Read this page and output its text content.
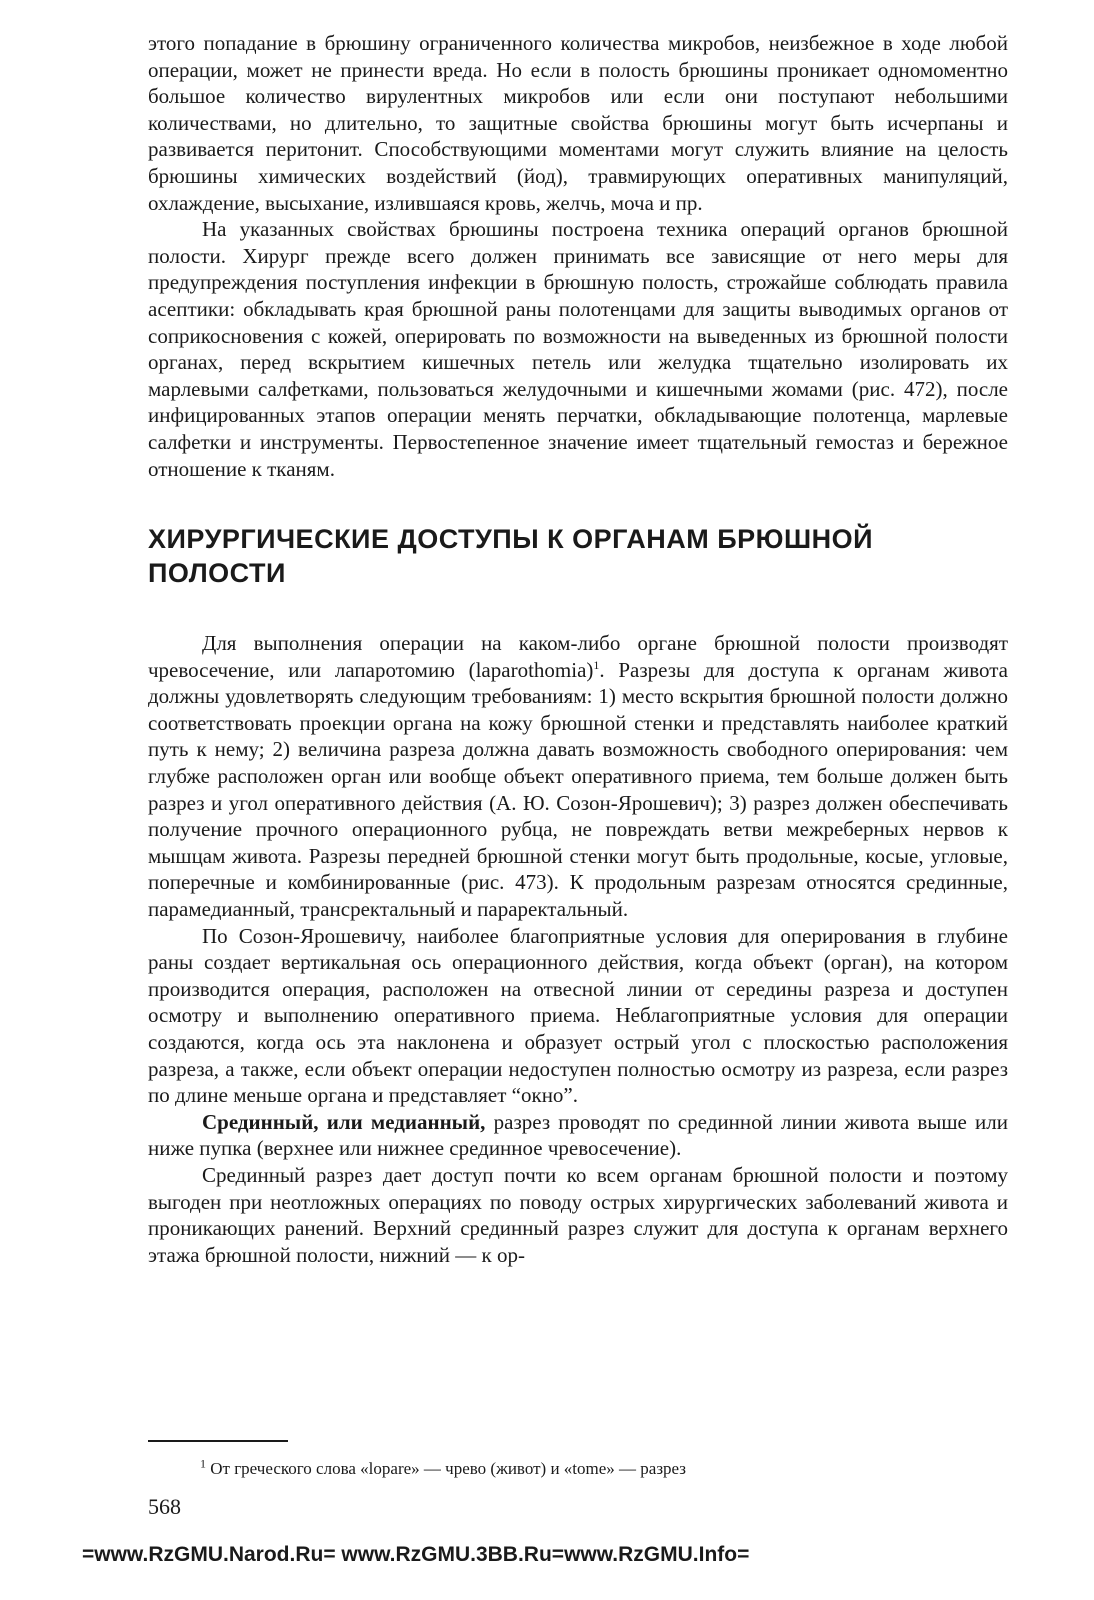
этого попадание в брюшину ограниченного количества микробов, неизбежное в ходе любой операции, может не принести вреда. Но если в полость брюшины проникает одномоментно большое количество вирулентных микробов или если они поступают небольшими количествами, но длительно, то защитные свойства брюшины могут быть исчерпаны и развивается перитонит. Способствующими моментами могут служить влияние на целость брюшины химических воздействий (йод), травмирующих оперативных манипуляций, охлаждение, высыхание, излившаяся кровь, желчь, моча и пр.

На указанных свойствах брюшины построена техника операций органов брюшной полости. Хирург прежде всего должен принимать все зависящие от него меры для предупреждения поступления инфекции в брюшную полость, строжайше соблюдать правила асептики: обкладывать края брюшной раны полотенцами для защиты выводимых органов от соприкосновения с кожей, оперировать по возможности на выведенных из брюшной полости органах, перед вскрытием кишечных петель или желудка тщательно изолировать их марлевыми салфетками, пользоваться желудочными и кишечными жомами (рис. 472), после инфицированных этапов операции менять перчатки, обкладывающие полотенца, марлевые салфетки и инструменты. Первостепенное значение имеет тщательный гемостаз и бережное отношение к тканям.

ХИРУРГИЧЕСКИЕ ДОСТУПЫ К ОРГАНАМ БРЮШНОЙ ПОЛОСТИ

Для выполнения операции на каком-либо органе брюшной полости производят чревосечение, или лапаротомию (laparothomia)$^1$. Разрезы для доступа к органам живота должны удовлетворять следующим требованиям: 1) место вскрытия брюшной полости должно соответствовать проекции органа на кожу брюшной стенки и представлять наиболее краткий путь к нему; 2) величина разреза должна давать возможность свободного оперирования: чем глубже расположен орган или вообще объект оперативного приема, тем больше должен быть разрез и угол оперативного действия (А. Ю. Созон-Ярошевич); 3) разрез должен обеспечивать получение прочного операционного рубца, не повреждать ветви межреберных нервов к мышцам живота. Разрезы передней брюшной стенки могут быть продольные, косые, угловые, поперечные и комбинированные (рис. 473). К продольным разрезам относятся срединные, парамедианный, трансректальный и параректальный.

По Созон-Ярошевичу, наиболее благоприятные условия для оперирования в глубине раны создает вертикальная ось операционного действия, когда объект (орган), на котором производится операция, расположен на отвесной линии от середины разреза и доступен осмотру и выполнению оперативного приема. Неблагоприятные условия для операции создаются, когда ось эта наклонена и образует острый угол с плоскостью расположения разреза, а также, если объект операции недоступен полностью осмотру из разреза, если разрез по длине меньше органа и представляет “окно”.

Срединный, или медианный, разрез проводят по срединной линии живота выше или ниже пупка (верхнее или нижнее срединное чревосечение).

Срединный разрез дает доступ почти ко всем органам брюшной полости и поэтому выгоден при неотложных операциях по поводу острых хирургических заболеваний живота и проникающих ранений. Верхний срединный разрез служит для доступа к органам верхнего этажа брюшной полости, нижний — к ор-

$^1$ От греческого слова «lopare» — чрево (живот) и «tome» — разрез
568
=www.RzGMU.Narod.Ru= www.RzGMU.3BB.Ru=www.RzGMU.Info=
